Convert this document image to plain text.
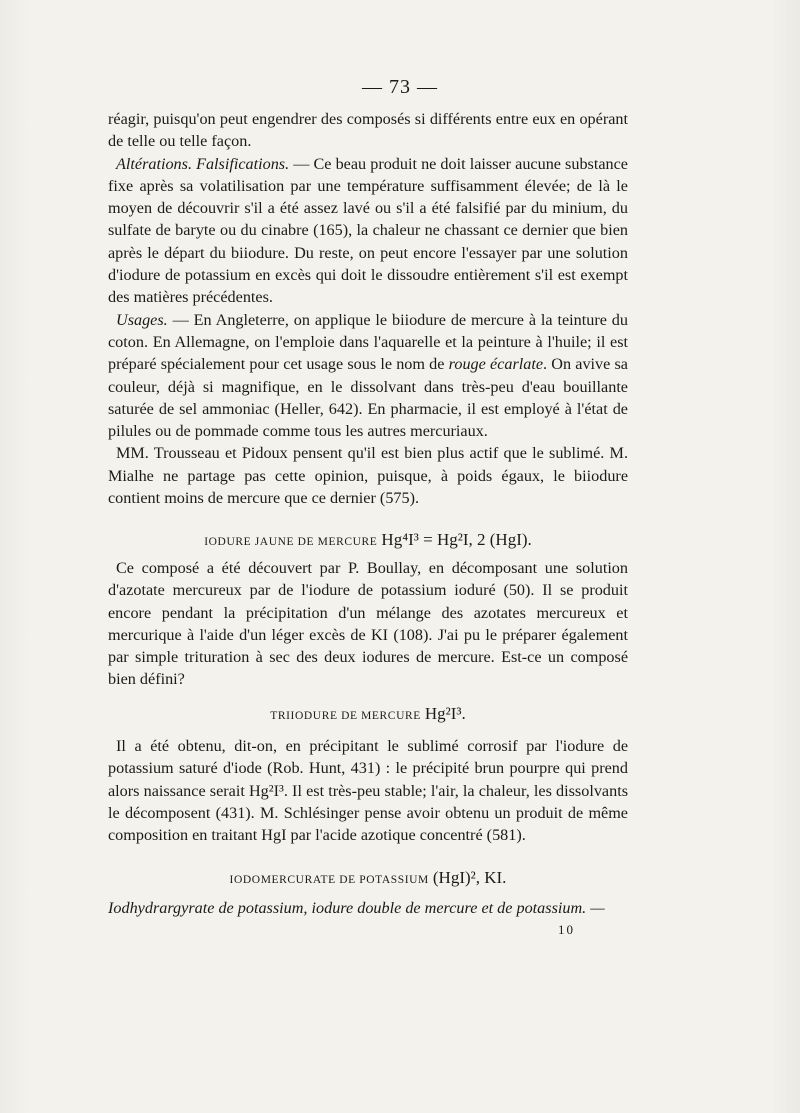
— 73 —

réagir, puisqu'on peut engendrer des composés si différents entre eux en opérant de telle ou telle façon.

Altérations. Falsifications. — Ce beau produit ne doit laisser aucune substance fixe après sa volatilisation par une température suffisamment élevée; de là le moyen de découvrir s'il a été assez lavé ou s'il a été falsifié par du minium, du sulfate de baryte ou du cinabre (165), la chaleur ne chassant ce dernier que bien après le départ du biiodure. Du reste, on peut encore l'essayer par une solution d'iodure de potassium en excès qui doit le dissoudre entièrement s'il est exempt des matières précédentes.

Usages. — En Angleterre, on applique le biiodure de mercure à la teinture du coton. En Allemagne, on l'emploie dans l'aquarelle et la peinture à l'huile; il est préparé spécialement pour cet usage sous le nom de rouge écarlate. On avive sa couleur, déjà si magnifique, en le dissolvant dans très-peu d'eau bouillante saturée de sel ammoniac (Heller, 642). En pharmacie, il est employé à l'état de pilules ou de pommade comme tous les autres mercuriaux.

MM. Trousseau et Pidoux pensent qu'il est bien plus actif que le sublimé. M. Mialhe ne partage pas cette opinion, puisque, à poids égaux, le biiodure contient moins de mercure que ce dernier (575).

IODURE JAUNE DE MERCURE Hg⁴I³ = Hg²I, 2 (HgI).

Ce composé a été découvert par P. Boullay, en décomposant une solution d'azotate mercureux par de l'iodure de potassium ioduré (50). Il se produit encore pendant la précipitation d'un mélange des azotates mercureux et mercurique à l'aide d'un léger excès de KI (108). J'ai pu le préparer également par simple trituration à sec des deux iodures de mercure. Est-ce un composé bien défini?

TRIIODURE DE MERCURE Hg²I³.

Il a été obtenu, dit-on, en précipitant le sublimé corrosif par l'iodure de potassium saturé d'iode (Rob. Hunt, 431) : le précipité brun pourpre qui prend alors naissance serait Hg²I³. Il est très-peu stable; l'air, la chaleur, les dissolvants le décomposent (431). M. Schlésinger pense avoir obtenu un produit de même composition en traitant HgI par l'acide azotique concentré (581).

IODOMERCURATE DE POTASSIUM (HgI)², KI.

Iodhydrargyrate de potassium, iodure double de mercure et de potassium. —

10
